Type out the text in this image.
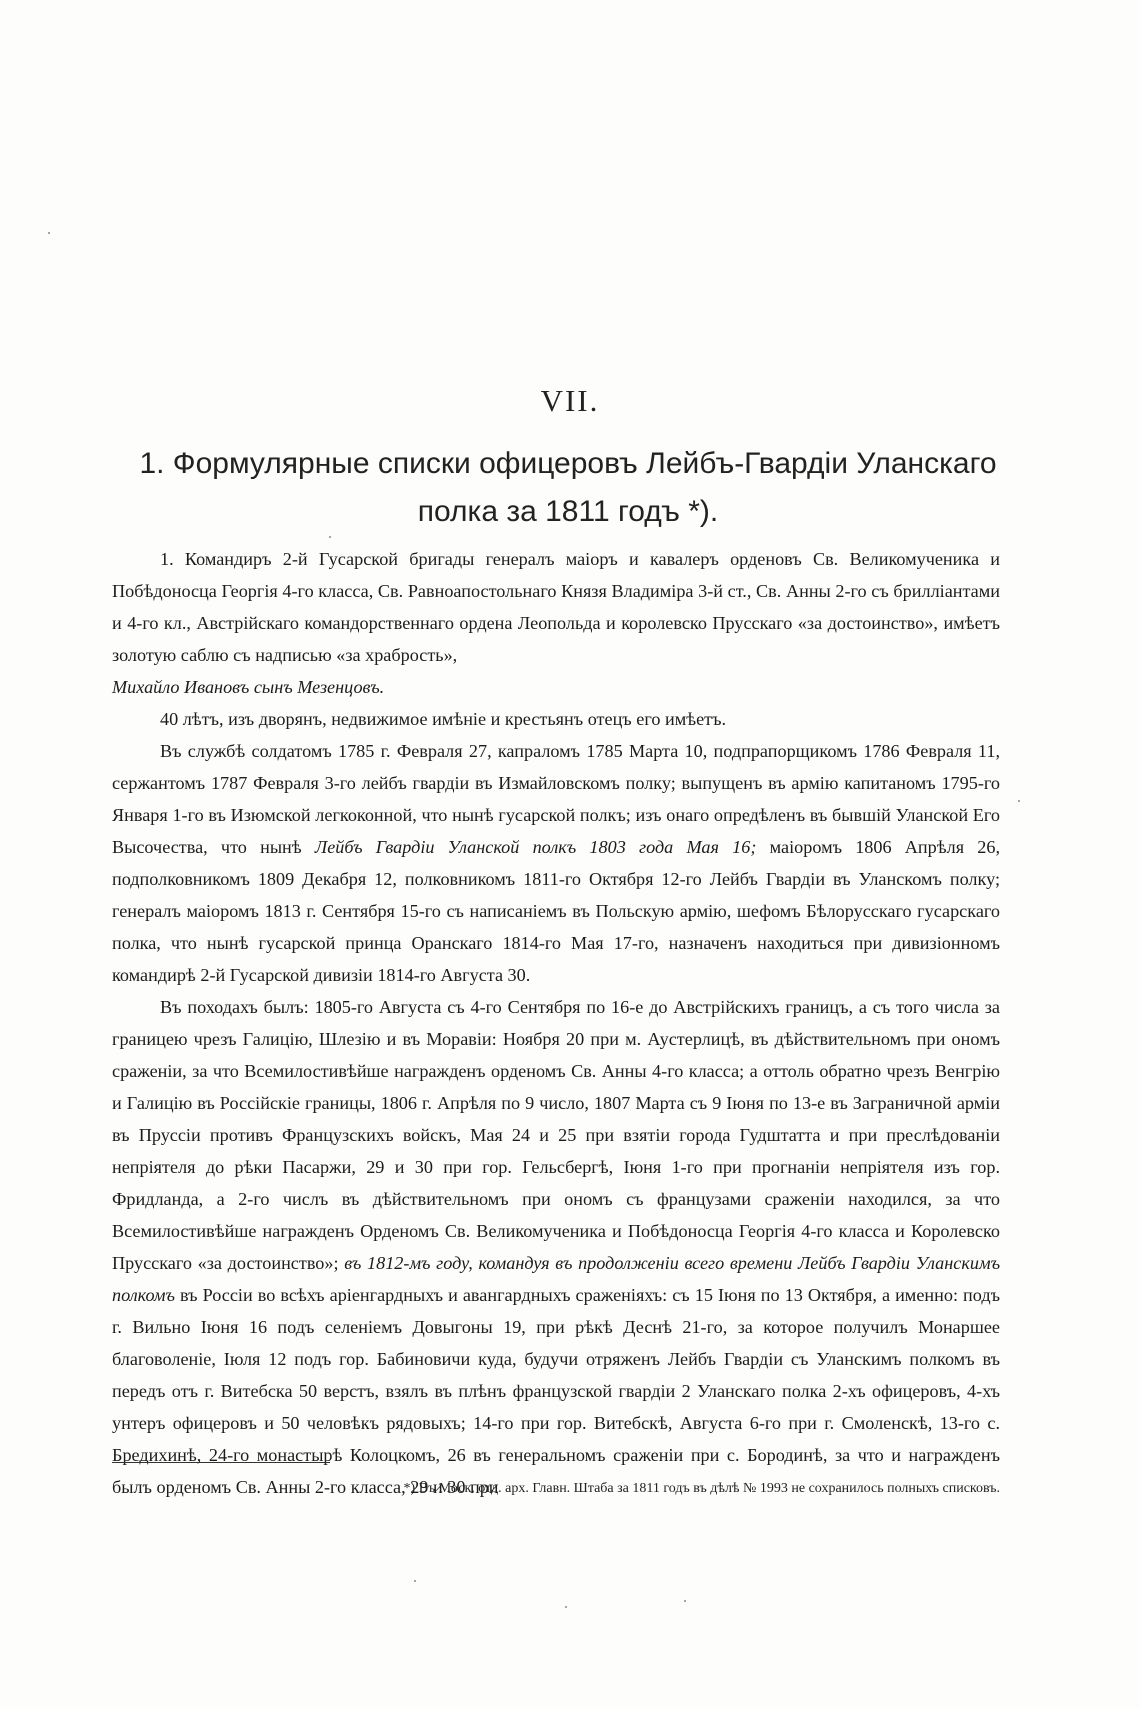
VII.
1. Формулярные списки офицеровъ Лейбъ-Гвардіи Уланскаго полка за 1811 годъ *).

1. Командиръ 2-й Гусарской бригады генералъ маіоръ и кавалеръ орденовъ Св. Великомученика и Побѣдоносца Георгія 4-го класса, Св. Равноапостольнаго Князя Владиміра 3-й ст., Св. Анны 2-го съ бриллiантами и 4-го кл., Австрійскаго командорственнаго ордена Леопольда и королевско Прусскаго «за достоинство», имѣетъ золотую саблю съ надписью «за храбрость»,
Михайло Ивановъ сынъ Мезенцовъ.

40 лѣтъ, изъ дворянъ, недвижимое имѣніе и крестьянъ отецъ его имѣетъ.

Въ службѣ солдатомъ 1785 г. Февраля 27, капраломъ 1785 Марта 10, подпрапорщикомъ 1786 Февраля 11, сержантомъ 1787 Февраля 3-го лейбъ гвардіи въ Измайловскомъ полку; выпущенъ въ армію капитаномъ 1795-го Января 1-го въ Изюмской легкоконной, что нынѣ гусарской полкъ; изъ онаго опредѣленъ въ бывшій Уланской Его Высочества, что нынѣ Лейбъ Гвардіи Уланской полкъ 1803 года Мая 16; маіоромъ 1806 Апрѣля 26, подполковникомъ 1809 Декабря 12, полковникомъ 1811-го Октября 12-го Лейбъ Гвардіи въ Уланскомъ полку; генералъ маіоромъ 1813 г. Сентября 15-го съ написаніемъ въ Польскую армію, шефомъ Бѣлорусскаго гусарскаго полка, что нынѣ гусарской принца Оранскаго 1814-го Мая 17-го, назначенъ находиться при дивизіонномъ командирѣ 2-й Гусарской дивизіи 1814-го Августа 30.

Въ походахъ былъ: 1805-го Августа съ 4-го Сентября по 16-е до Австрійскихъ границъ, а съ того числа за границею чрезъ Галицію, Шлезію и въ Моравіи: Ноября 20 при м. Аустерлицѣ, въ дѣйствительномъ при ономъ сраженіи, за что Всемилостивѣйше награжденъ орденомъ Св. Анны 4-го класса; а оттоль обратно чрезъ Венгрію и Галицію въ Россійскіе границы, 1806 г. Апрѣля по 9 число, 1807 Марта съ 9 Іюня по 13-е въ Заграничной арміи въ Пруссіи противъ Французскихъ войскъ, Мая 24 и 25 при взятіи города Гудштатта и при преслѣдованіи непріятеля до рѣки Пасаржи, 29 и 30 при гор. Гельсбергѣ, Іюня 1-го при прогнаніи непріятеля изъ гор. Фридланда, а 2-го числъ въ дѣйствительномъ при ономъ съ французами сраженіи находился, за что Всемилостивѣйше награжденъ Орденомъ Св. Великомученика и Побѣдоносца Георгія 4-го класса и Королевско Прусскаго «за достоинство»; въ 1812-мъ году, командуя въ продолженіи всего времени Лейбъ Гвардіи Уланскимъ полкомъ въ Россіи во всѣхъ аріенгардныхъ и авангардныхъ сраженіяхъ: съ 15 Іюня по 13 Октября, а именно: подъ г. Вильно Іюня 16 подъ селеніемъ Довыгоны 19, при рѣкѣ Деснѣ 21-го, за которое получилъ Монаршее благоволеніе, Іюля 12 подъ гор. Бабиновичи куда, будучи отряженъ Лейбъ Гвардіи съ Уланскимъ полкомъ въ передъ отъ г. Витебска 50 верстъ, взялъ въ плѣнъ французской гвардіи 2 Уланскаго полка 2-хъ офицеровъ, 4-хъ унтеръ офицеровъ и 50 человѣкъ рядовыхъ; 14-го при гор. Витебскѣ, Августа 6-го при г. Смоленскѣ, 13-го с. Бредихинѣ, 24-го монастырѣ Колоцкомъ, 26 въ генеральномъ сраженіи при с. Бородинѣ, за что и награжденъ былъ орденомъ Св. Анны 2-го класса, 29 и 30 при

*) Въ Моск. отд. арх. Главн. Штаба за 1811 годъ въ дѣлѣ № 1993 не сохранилось полныхъ списковъ.
